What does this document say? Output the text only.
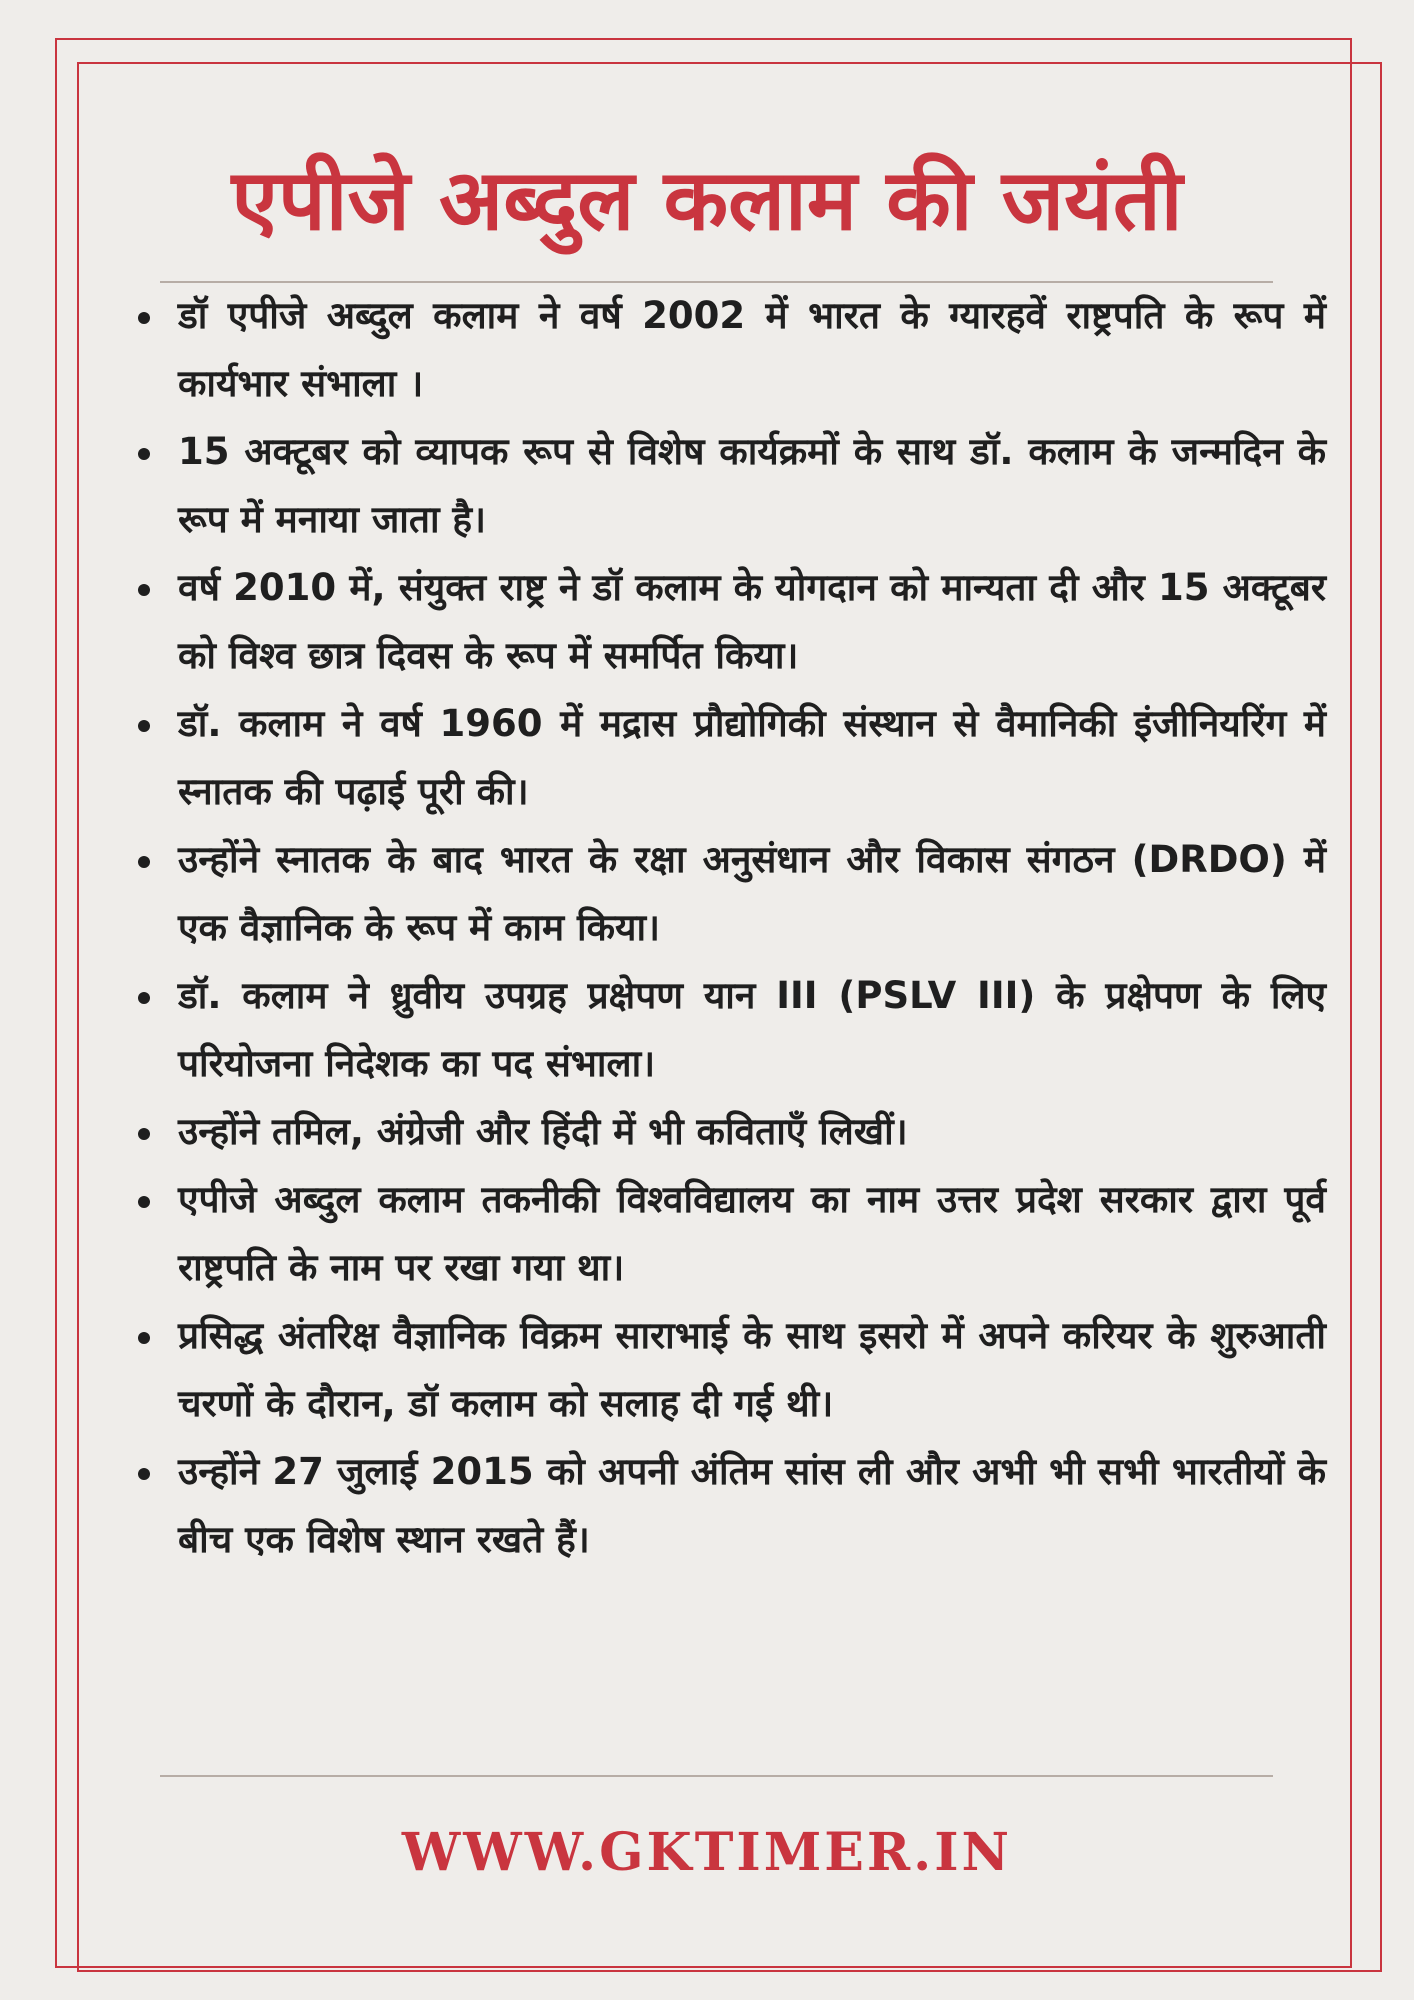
एपीजे अब्दुल कलाम की जयंती
डॉ एपीजे अब्दुल कलाम ने वर्ष 2002 में भारत के ग्यारहवें राष्ट्रपति के रूप में कार्यभार संभाला ।
15 अक्टूबर को व्यापक रूप से विशेष कार्यक्रमों के साथ डॉ. कलाम के जन्मदिन के रूप में मनाया जाता है।
वर्ष 2010 में, संयुक्त राष्ट्र ने डॉ कलाम के योगदान को मान्यता दी और 15 अक्टूबर को विश्व छात्र दिवस के रूप में समर्पित किया।
डॉ. कलाम ने वर्ष 1960 में मद्रास प्रौद्योगिकी संस्थान से वैमानिकी इंजीनियरिंग में स्नातक की पढ़ाई पूरी की।
उन्होंने स्नातक के बाद भारत के रक्षा अनुसंधान और विकास संगठन (DRDO) में एक वैज्ञानिक के रूप में काम किया।
डॉ. कलाम ने ध्रुवीय उपग्रह प्रक्षेपण यान III (PSLV III) के प्रक्षेपण के लिए परियोजना निदेशक का पद संभाला।
उन्होंने तमिल, अंग्रेजी और हिंदी में भी कविताएँ लिखीं।
एपीजे अब्दुल कलाम तकनीकी विश्वविद्यालय का नाम उत्तर प्रदेश सरकार द्वारा पूर्व राष्ट्रपति के नाम पर रखा गया था।
प्रसिद्ध अंतरिक्ष वैज्ञानिक विक्रम साराभाई के साथ इसरो में अपने करियर के शुरुआती चरणों के दौरान, डॉ कलाम को सलाह दी गई थी।
उन्होंने 27 जुलाई 2015 को अपनी अंतिम सांस ली और अभी भी सभी भारतीयों के बीच एक विशेष स्थान रखते हैं।
WWW.GKTIMER.IN
